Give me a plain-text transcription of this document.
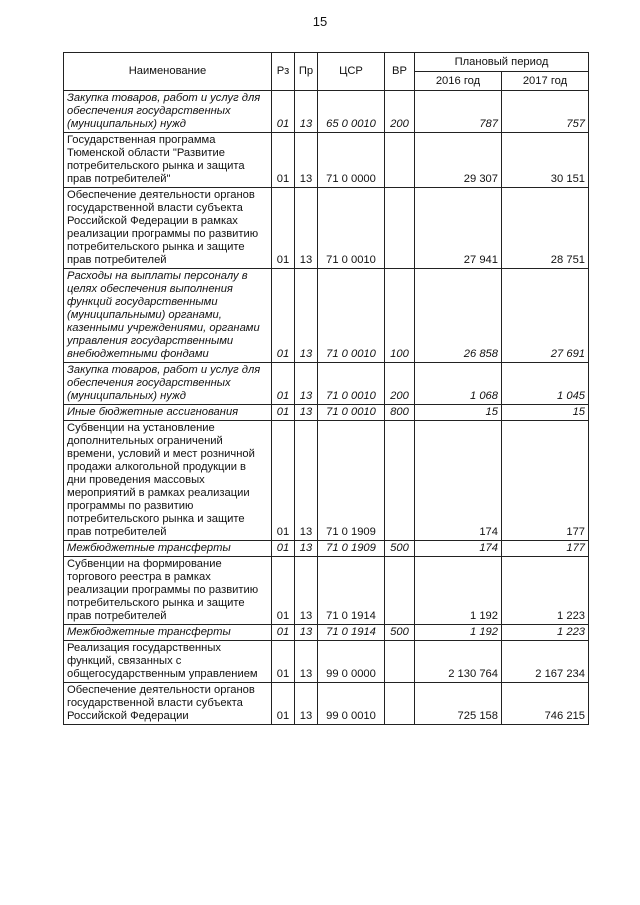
15
Наименование	Рз	Пр	ЦСР	ВР	Плановый период	
					2016 год	2017 год
Закупка товаров, работ и услуг для обеспечения государственных (муниципальных) нужд	01	13	65 0 0010	200	787	757
Государственная программа Тюменской области "Развитие потребительского рынка и защита прав потребителей"	01	13	71 0 0000		29 307	30 151
Обеспечение деятельности органов государственной власти субъекта Российской Федерации в рамках реализации программы по развитию потребительского рынка и защите прав потребителей	01	13	71 0 0010		27 941	28 751
Расходы на выплаты персоналу в целях обеспечения выполнения функций государственными (муниципальными) органами, казенными учреждениями, органами управления государственными внебюджетными фондами	01	13	71 0 0010	100	26 858	27 691
Закупка товаров, работ и услуг для обеспечения государственных (муниципальных) нужд	01	13	71 0 0010	200	1 068	1 045
Иные бюджетные ассигнования	01	13	71 0 0010	800	15	15
Субвенции на установление дополнительных ограничений времени, условий и мест розничной продажи алкогольной продукции в дни проведения массовых мероприятий в рамках реализации программы по развитию потребительского рынка и защите прав потребителей	01	13	71 0 1909		174	177
Межбюджетные трансферты	01	13	71 0 1909	500	174	177
Субвенции на формирование торгового реестра в рамках реализации программы по развитию потребительского рынка и защите прав потребителей	01	13	71 0 1914		1 192	1 223
Межбюджетные трансферты	01	13	71 0 1914	500	1 192	1 223
Реализация государственных функций, связанных с общегосударственным управлением	01	13	99 0 0000		2 130 764	2 167 234
Обеспечение деятельности органов государственной власти субъекта Российской Федерации	01	13	99 0 0010		725 158	746 215
